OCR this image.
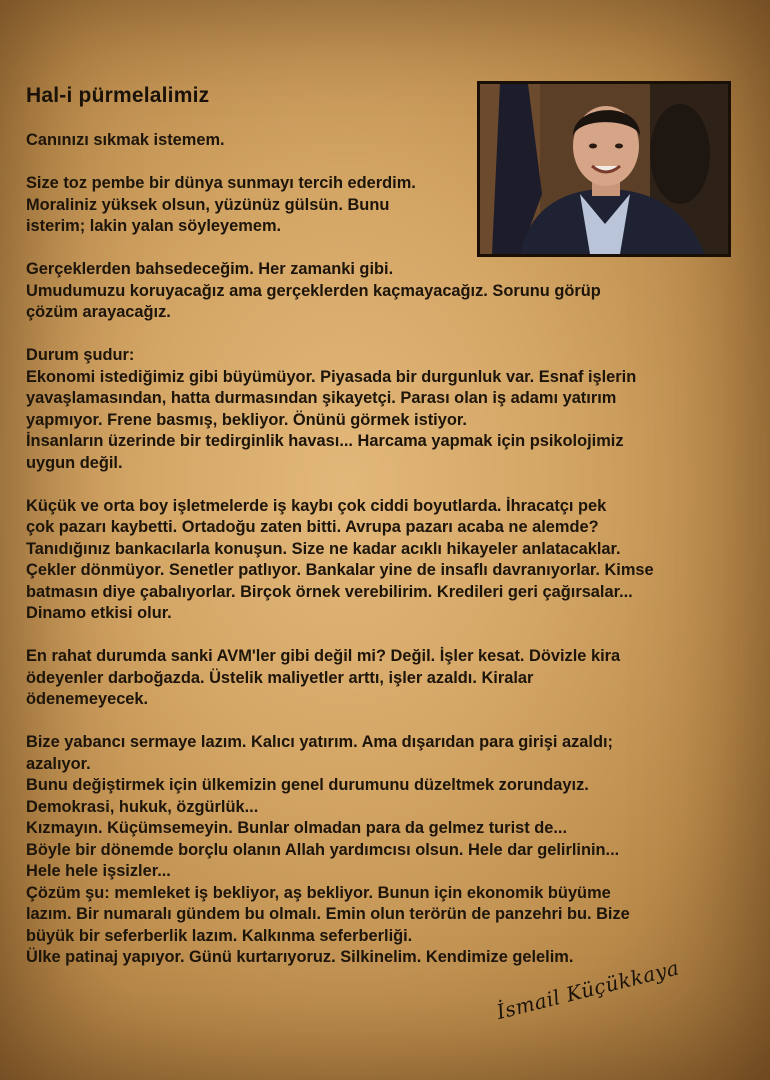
Hal-i pürmelalimiz
Canınızı sıkmak istemem.
Size toz pembe bir dünya sunmayı tercih ederdim.
Moraliniz yüksek olsun, yüzünüz gülsün. Bunu
isterim; lakin yalan söyleyemem.
Gerçeklerden bahsedeceğim. Her zamanki gibi.
Umudumuzu koruyacağız ama gerçeklerden kaçmayacağız. Sorunu görüp
çözüm arayacağız.
Durum şudur:
Ekonomi istediğimiz gibi büyümüyor. Piyasada bir durgunluk var. Esnaf işlerin
yavaşlamasından, hatta durmasından şikayetçi. Parası olan iş adamı yatırım
yapmıyor. Frene basmış, bekliyor. Önünü görmek istiyor.
İnsanların üzerinde bir tedirginlik havası... Harcama yapmak için psikolojimiz
uygun değil.
Küçük ve orta boy işletmelerde iş kaybı çok ciddi boyutlarda. İhracatçı pek
çok pazarı kaybetti. Ortadoğu zaten bitti. Avrupa pazarı acaba ne alemde?
Tanıdığınız bankacılarla konuşun. Size ne kadar acıklı hikayeler anlatacaklar.
Çekler dönmüyor. Senetler patlıyor. Bankalar yine de insaflı davranıyorlar. Kimse
batmasın diye çabalıyorlar. Birçok örnek verebilirim. Kredileri geri çağırsalar...
Dinamo etkisi olur.
En rahat durumda sanki AVM'ler gibi değil mi? Değil. İşler kesat. Dövizle kira
ödeyenler darboğazda. Üstelik maliyetler arttı, işler azaldı. Kiralar
ödenemeyecek.
Bize yabancı sermaye lazım. Kalıcı yatırım. Ama dışarıdan para girişi azaldı;
azalıyor.
Bunu değiştirmek için ülkemizin genel durumunu düzeltmek zorundayız.
Demokrasi, hukuk, özgürlük...
Kızmayın. Küçümsemeyin. Bunlar olmadan para da gelmez turist de...
Böyle bir dönemde borçlu olanın Allah yardımcısı olsun. Hele dar gelirlinin...
Hele hele işsizler...
Çözüm şu: memleket iş bekliyor, aş bekliyor. Bunun için ekonomik büyüme
lazım. Bir numaralı gündem bu olmalı. Emin olun terörün de panzehri bu. Bize
büyük bir seferberlik lazım. Kalkınma seferberliği.
Ülke patinaj yapıyor. Günü kurtarıyoruz. Silkinelim. Kendimize gelelim.
İsmail Küçükkaya
